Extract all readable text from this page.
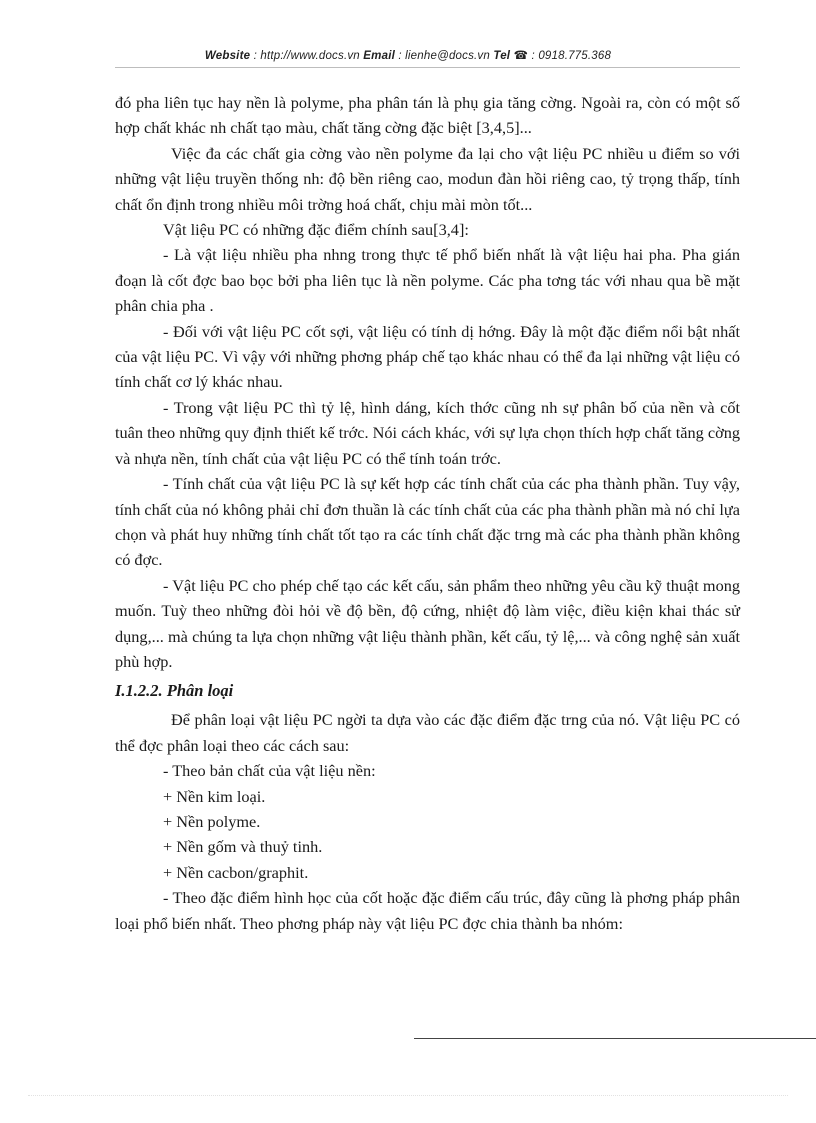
Website : http://www.docs.vn Email : lienhe@docs.vn Tel ☎ : 0918.775.368

đó pha liên tục hay nền là polyme, pha phân tán là phụ gia tăng cờng. Ngoài ra, còn có một số hợp chất khác nh chất tạo màu, chất tăng cờng đặc biệt [3,4,5]...

Việc đa các chất gia cờng vào nền polyme đa lại cho vật liệu PC nhiều u điểm so với những vật liệu truyền thống nh: độ bền riêng cao, modun đàn hồi riêng cao, tỷ trọng thấp, tính chất ổn định trong nhiều môi trờng hoá chất, chịu mài mòn tốt...

Vật liệu PC có những đặc điểm chính sau[3,4]:

- Là vật liệu nhiều pha nhng trong thực tế phổ biến nhất là vật liệu hai pha. Pha gián đoạn là cốt đợc bao bọc bởi pha liên tục là nền polyme. Các pha tơng tác với nhau qua bề mặt phân chia pha .

- Đối với vật liệu PC cốt sợi, vật liệu có tính dị hớng. Đây là một đặc điểm nổi bật nhất của vật liệu PC. Vì vậy với những phơng pháp chế tạo khác nhau có thể đa lại những vật liệu có tính chất cơ lý khác nhau.

- Trong vật liệu PC thì tỷ lệ, hình dáng, kích thớc cũng nh sự phân bố của nền và cốt tuân theo những quy định thiết kế trớc. Nói cách khác, với sự lựa chọn thích hợp chất tăng cờng và nhựa nền, tính chất của vật liệu PC có thể tính toán trớc.

- Tính chất của vật liệu PC là sự kết hợp các tính chất của các pha thành phần. Tuy vậy, tính chất của nó không phải chỉ đơn thuần là các tính chất của các pha thành phần mà nó chỉ lựa chọn và phát huy những tính chất tốt tạo ra các tính chất đặc trng mà các pha thành phần không có đợc.

- Vật liệu PC cho phép chế tạo các kết cấu, sản phẩm theo những yêu cầu kỹ thuật mong muốn. Tuỳ theo những đòi hỏi về độ bền, độ cứng, nhiệt độ làm việc, điều kiện khai thác sử dụng,... mà chúng ta lựa chọn những vật liệu thành phần, kết cấu, tỷ lệ,... và công nghệ sản xuất phù hợp.

I.1.2.2. Phân loại

Để phân loại vật liệu PC ngời ta dựa vào các đặc điểm đặc trng của nó. Vật liệu PC có thể đợc phân loại theo các cách sau:

- Theo bản chất của vật liệu nền:

+ Nền kim loại.

+ Nền polyme.

+ Nền gốm và thuỷ tinh.

+ Nền cacbon/graphit.

- Theo đặc điểm hình học của cốt hoặc đặc điểm cấu trúc, đây cũng là phơng pháp phân loại phổ biến nhất. Theo phơng pháp này vật liệu PC đợc chia thành ba nhóm:
